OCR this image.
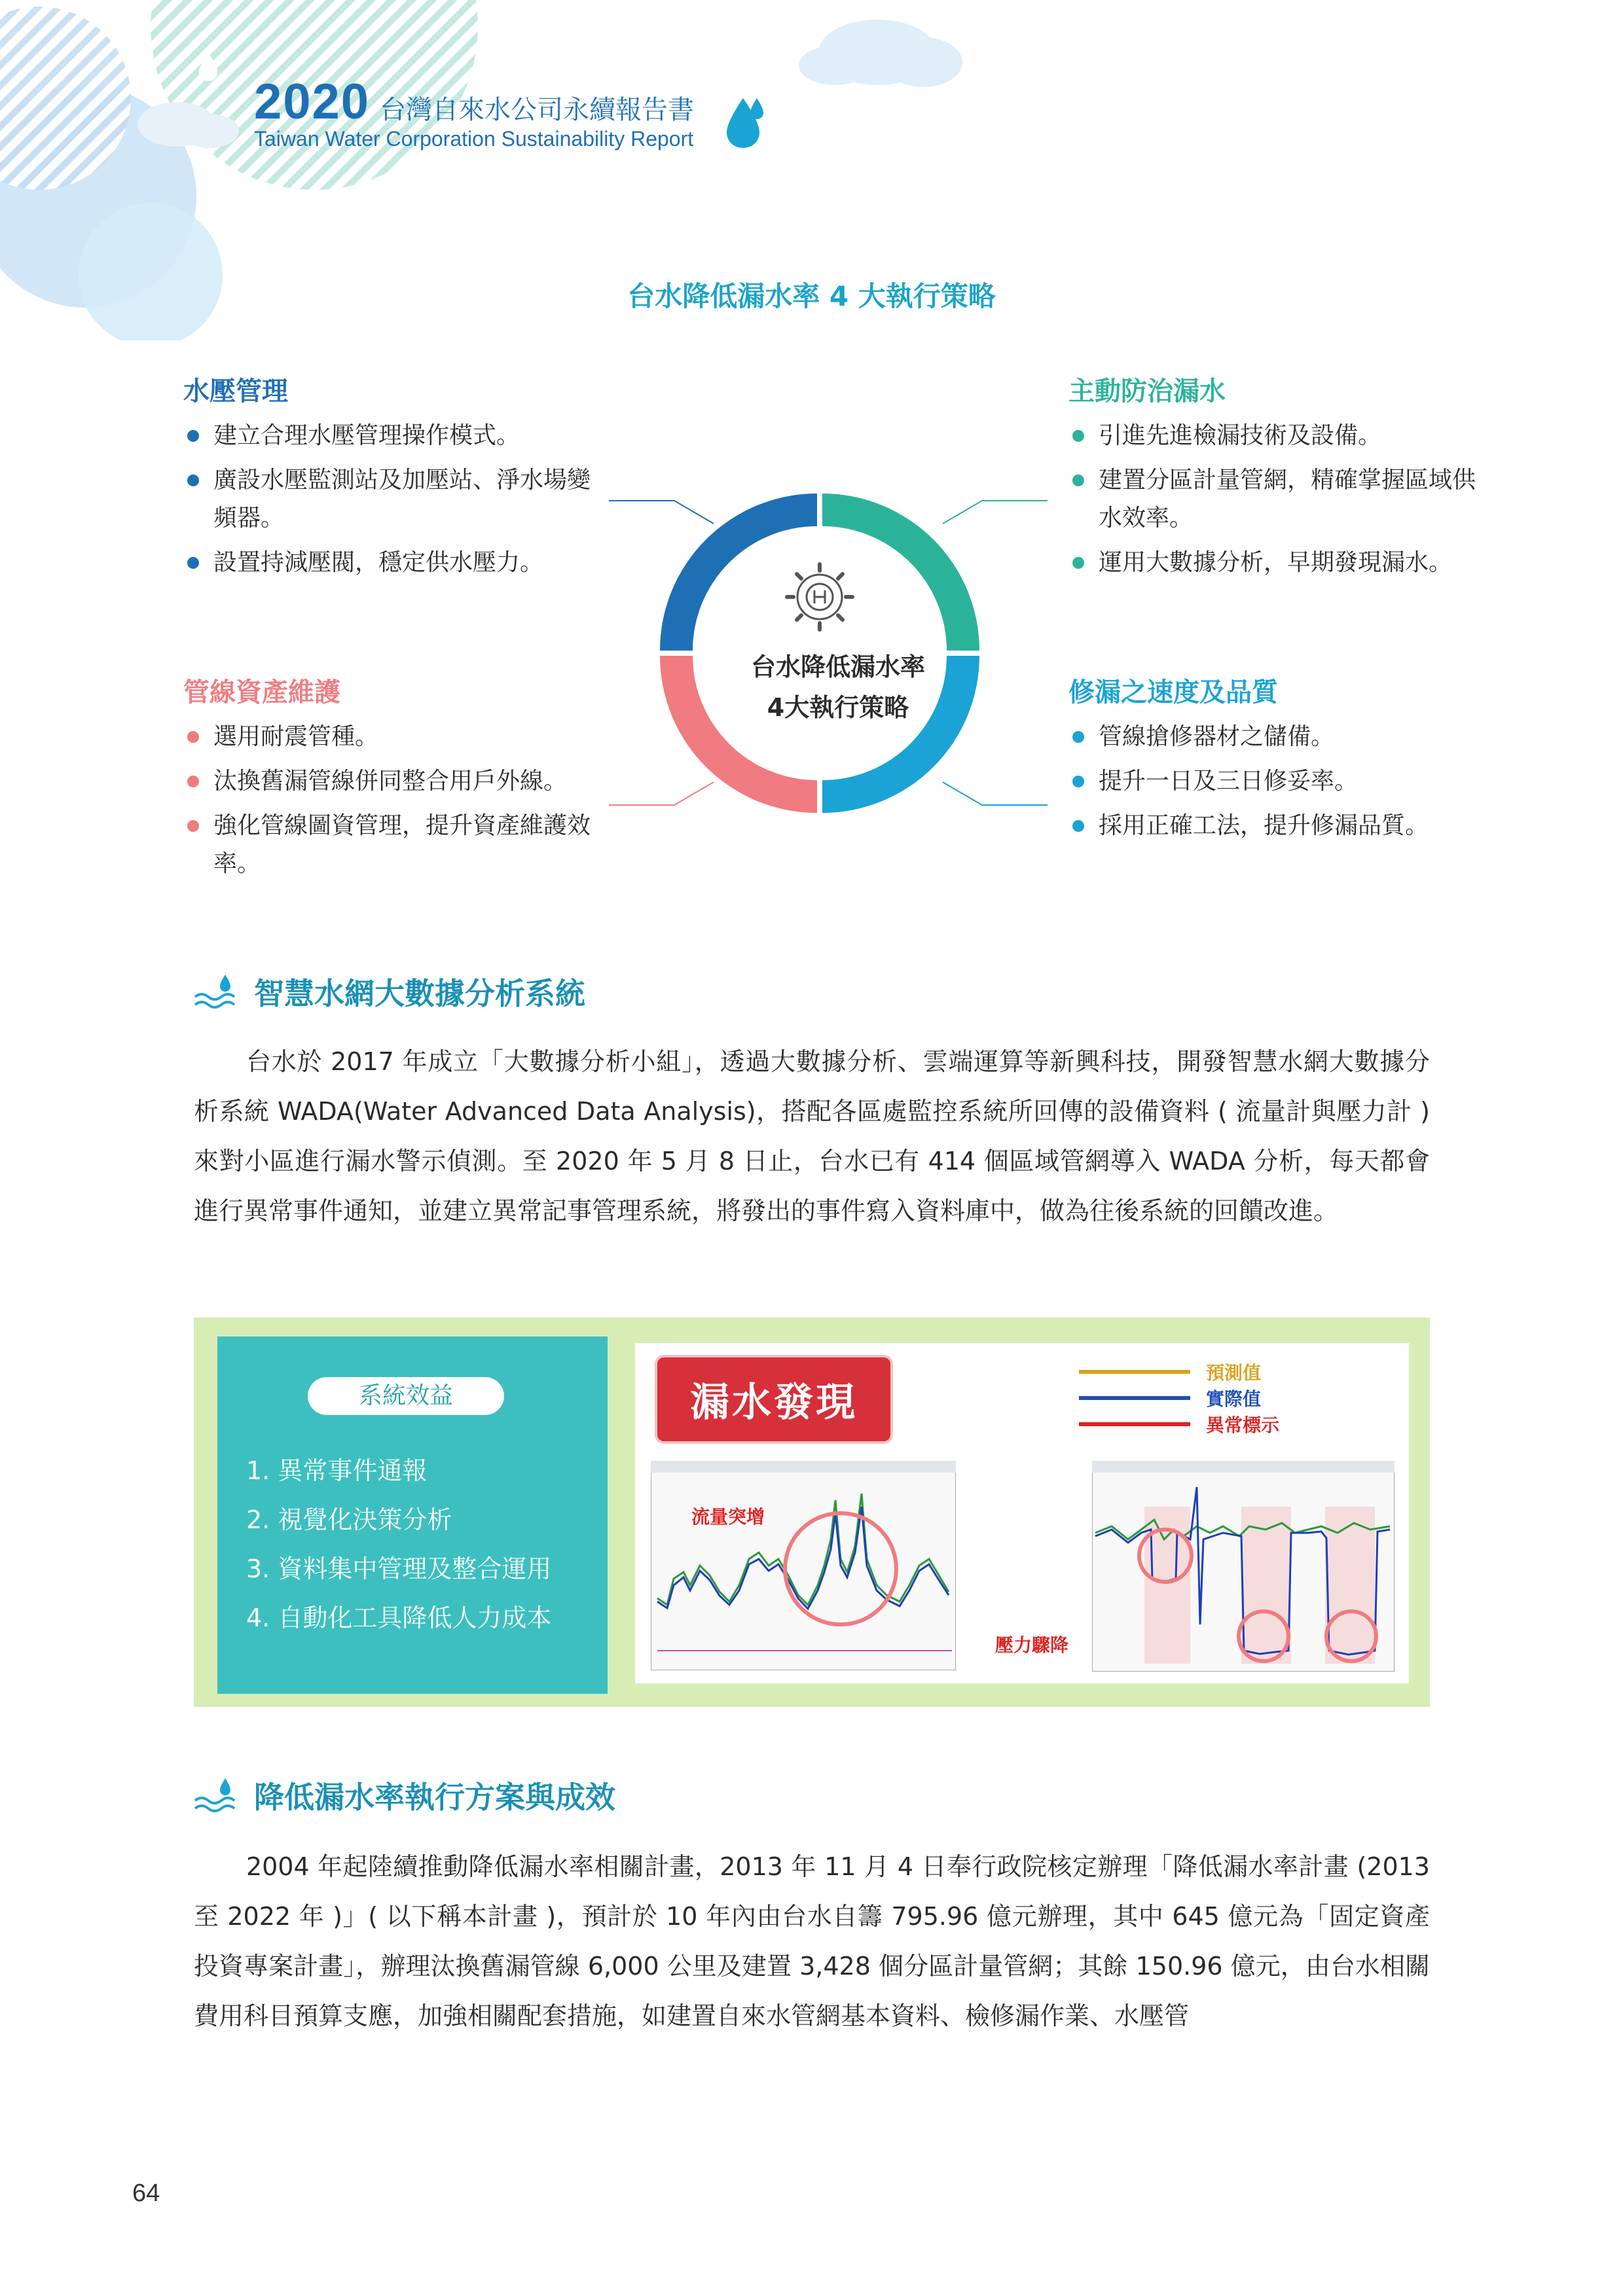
2020 台灣自來水公司永續報告書
Taiwan Water Corporation Sustainability Report
台水降低漏水率 4 大執行策略
台水降低漏水率
4大執行策略
水壓管理
建立合理水壓管理操作模式。
廣設水壓監測站及加壓站、淨水場變頻器。
設置持減壓閥，穩定供水壓力。
主動防治漏水
引進先進檢漏技術及設備。
建置分區計量管網，精確掌握區域供水效率。
運用大數據分析，早期發現漏水。
管線資產維護
選用耐震管種。
汰換舊漏管線併同整合用戶外線。
強化管線圖資管理，提升資產維護效率。
修漏之速度及品質
管線搶修器材之儲備。
提升一日及三日修妥率。
採用正確工法，提升修漏品質。
智慧水網大數據分析系統

台水於 2017 年成立「大數據分析小組」，透過大數據分析、雲端運算等新興科技，開發智慧水網大數據分析系統 WADA(Water Advanced Data Analysis)，搭配各區處監控系統所回傳的設備資料 ( 流量計與壓力計 ) 來對小區進行漏水警示偵測。至 2020 年 5 月 8 日止，台水已有 414 個區域管網導入 WADA 分析，每天都會進行異常事件通知，並建立異常記事管理系統，將發出的事件寫入資料庫中，做為往後系統的回饋改進。

系統效益
1. 異常事件通報
2. 視覺化決策分析
3. 資料集中管理及整合運用
4. 自動化工具降低人力成本
漏水發現
預測值
實際值
異常標示
流量突增
壓力驟降
降低漏水率執行方案與成效

2004 年起陸續推動降低漏水率相關計畫，2013 年 11 月 4 日奉行政院核定辦理「降低漏水率計畫 (2013 至 2022 年 )」( 以下稱本計畫 )，預計於 10 年內由台水自籌 795.96 億元辦理，其中 645 億元為「固定資產投資專案計畫」，辦理汰換舊漏管線 6,000 公里及建置 3,428 個分區計量管網；其餘 150.96 億元，由台水相關費用科目預算支應，加強相關配套措施，如建置自來水管網基本資料、檢修漏作業、水壓管

64
